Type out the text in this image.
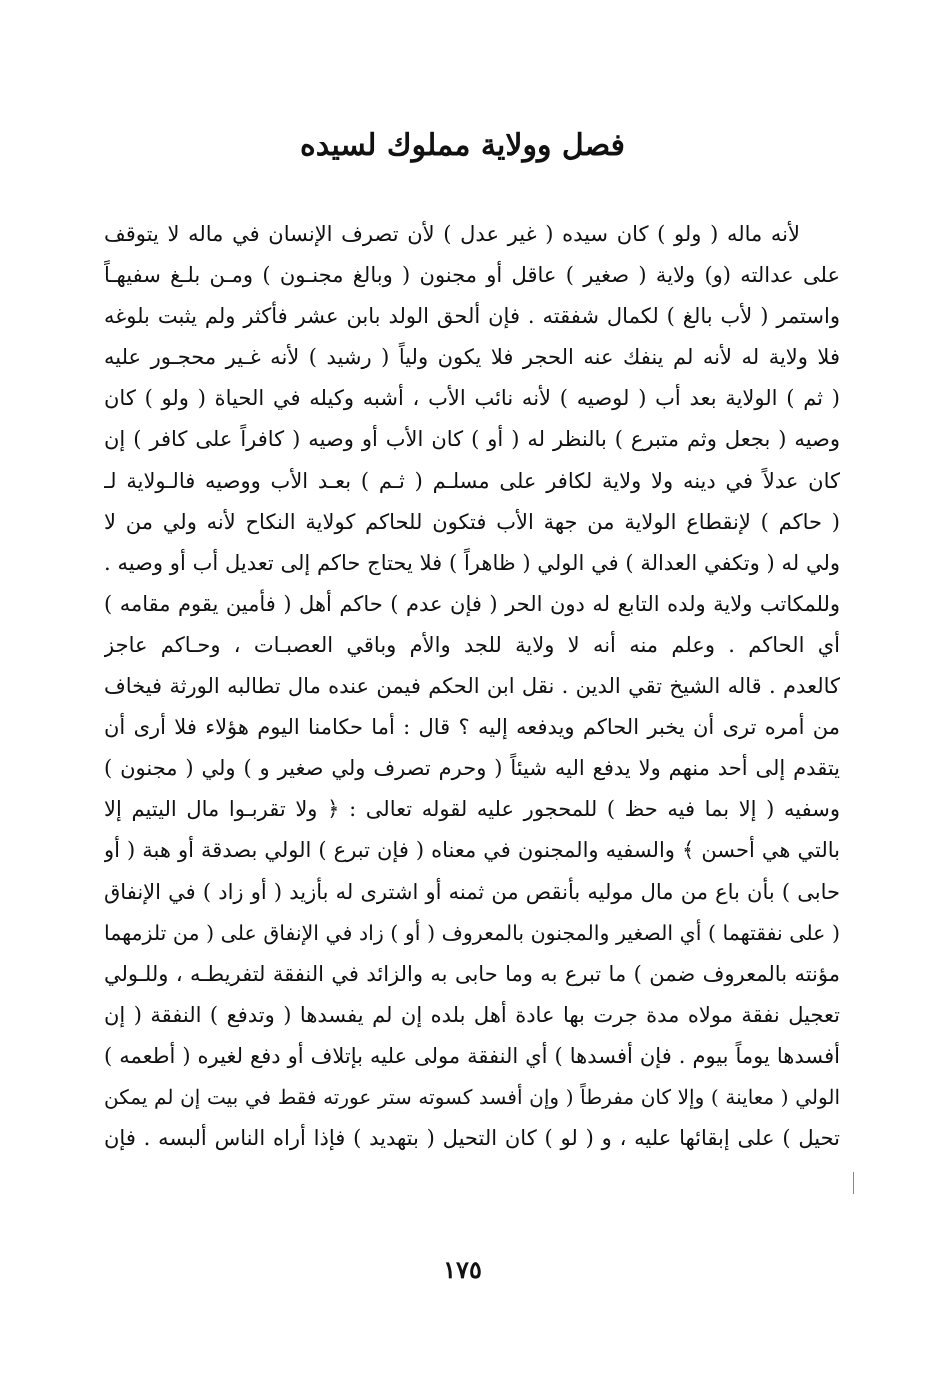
فصل وولاية مملوك لسيده
لأنه ماله ( ولو ) كان سيده ( غير عدل ) لأن تصرف الإنسان في ماله لا يتوقف
على عدالته (و) ولاية ( صغير ) عاقل أو مجنون ( وبالغ مجنـون ) ومـن بلـغ سفيهـاً
واستمر ( لأب بالغ ) لكمال شفقته . فإن ألحق الولد بابن عشر فأكثر ولم يثبت بلوغه
فلا ولاية له لأنه لم ينفك عنه الحجر فلا يكون ولياً ( رشيد ) لأنه غـير محجـور عليه
( ثم ) الولاية بعد أب ( لوصيه ) لأنه نائب الأب ، أشبه وكيله في الحياة ( ولو ) كان
وصيه ( بجعل وثم متبرع ) بالنظر له ( أو ) كان الأب أو وصيه ( كافراً على كافر ) إن
كان عدلاً في دينه ولا ولاية لكافر على مسلـم ( ثـم ) بعـد الأب ووصيه فالـولاية لـ
( حاكم ) لإنقطاع الولاية من جهة الأب فتكون للحاكم كولاية النكاح لأنه ولي من لا
ولي له ( وتكفي العدالة ) في الولي ( ظاهراً ) فلا يحتاج حاكم إلى تعديل أب أو وصيه .
وللمكاتب ولاية ولده التابع له دون الحر ( فإن عدم ) حاكم أهل ( فأمين يقوم مقامه )
أي الحاكم . وعلم منه أنه لا ولاية للجد والأم وباقي العصبـات ، وحـاكم عاجز
كالعدم . قاله الشيخ تقي الدين . نقل ابن الحكم فيمن عنده مال تطالبه الورثة فيخاف
من أمره ترى أن يخبر الحاكم ويدفعه إليه ؟ قال : أما حكامنا اليوم هؤلاء فلا أرى أن
يتقدم إلى أحد منهم ولا يدفع اليه شيئاً ( وحرم تصرف ولي صغير و ) ولي ( مجنون )
وسفيه ( إلا بما فيه حظ ) للمحجور عليه لقوله تعالى : ﴿ ولا تقربـوا مال اليتيم إلا
بالتي هي أحسن ﴾ والسفيه والمجنون في معناه ( فإن تبرع ) الولي بصدقة أو هبة ( أو
حابى ) بأن باع من مال موليه بأنقص من ثمنه أو اشترى له بأزيد ( أو زاد ) في الإنفاق
( على نفقتهما ) أي الصغير والمجنون بالمعروف ( أو ) زاد في الإنفاق على ( من تلزمهما
مؤنته بالمعروف ضمن ) ما تبرع به وما حابى به والزائد في النفقة لتفريطـه ، وللـولي
تعجيل نفقة مولاه مدة جرت بها عادة أهل بلده إن لم يفسدها ( وتدفع ) النفقة ( إن
أفسدها يوماً بيوم . فإن أفسدها ) أي النفقة مولى عليه بإتلاف أو دفع لغيره ( أطعمه )
الولي ( معاينة ) وإلا كان مفرطاً ( وإن أفسد كسوته ستر عورته فقط في بيت إن لم يمكن
تحيل ) على إبقائها عليه ، و ( لو ) كان التحيل ( بتهديد ) فإذا أراه الناس ألبسه . فإن
١٧٥
